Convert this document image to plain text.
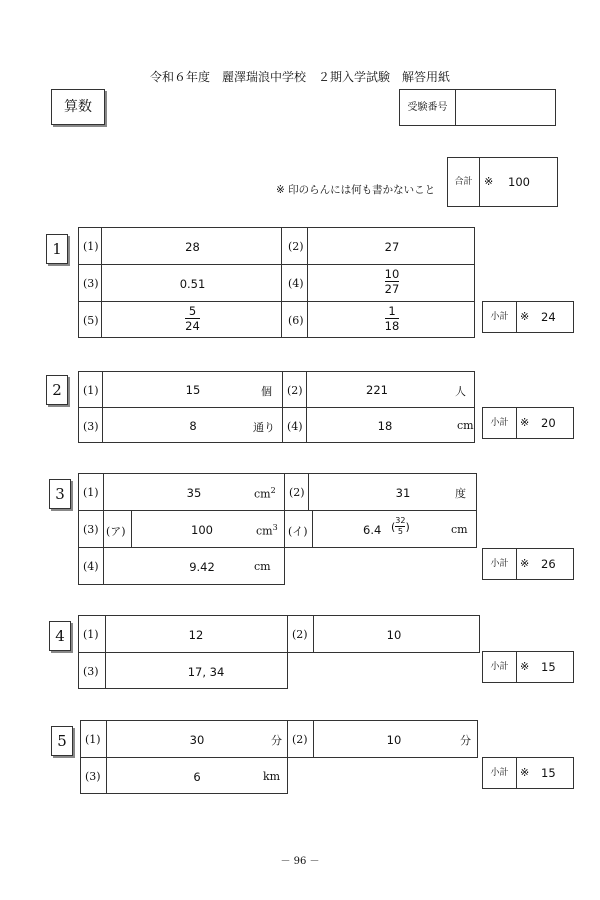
令和６年度　麗澤瑞浪中学校　２期入学試験　解答用紙
算数	受験番号
※ 印のらんには何も書かないこと
合計	※ 100
1	(1)	28	(2)	27
(3)	0.51	(4)	$\frac{10}{27}$
(5)	$\frac{5}{24}$	(6)	$\frac{1}{18}$	小計	※ 24
2	(1)	15	個 (2)	221	人
(3)	8	通り (4)	18	cm	小計	※ 20
3	(1)	35	$cm^2$ (2)	31	度
(3) (ア)	100	$cm^3$ (イ)	6.4 ( $\frac{32}{5}$ )	cm
(4)	9.42	cm	小計	※ 26
4	(1)	12	(2)	10
(3)	17, 34	小計	※ 15
5	(1)	30	分 (2)	10	分
(3)	6	km	小計	※ 15
－ 96 －
